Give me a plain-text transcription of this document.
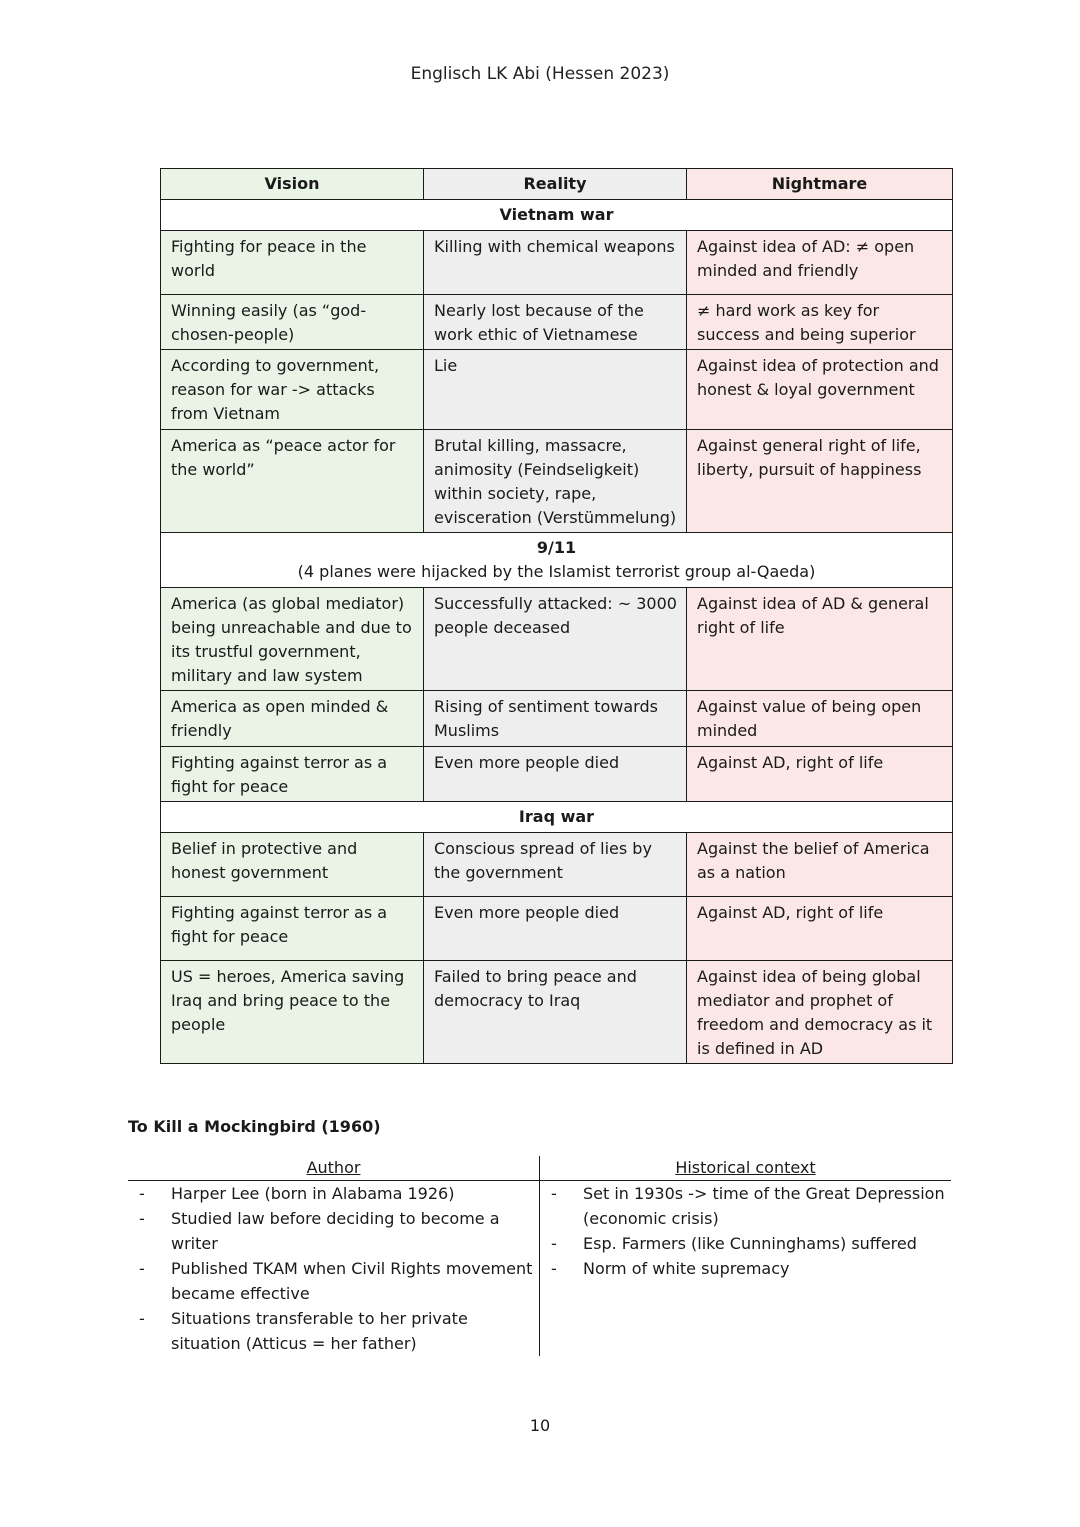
Englisch LK Abi (Hessen 2023)
Vision	Reality	Nightmare
Vietnam war		
Fighting for peace in the world	Killing with chemical weapons	Against idea of AD: ≠ open minded and friendly
Winning easily (as “god-chosen-people)	Nearly lost because of the work ethic of Vietnamese	≠ hard work as key for success and being superior
According to government, reason for war -> attacks from Vietnam	Lie	Against idea of protection and honest & loyal government
America as “peace actor for the world”	Brutal killing, massacre, animosity (Feindseligkeit) within society, rape, evisceration (Verstümmelung)	Against general right of life, liberty, pursuit of happiness

9/11
(4 planes were hijacked by the Islamist terrorist group al-Qaeda)		
America (as global mediator) being unreachable and due to its trustful government, military and law system	Successfully attacked: ~ 3000 people deceased	Against idea of AD & general right of life
America as open minded & friendly	Rising of sentiment towards Muslims	Against value of being open minded
Fighting against terror as a fight for peace	Even more people died	Against AD, right of life
Iraq war		
Belief in protective and honest government	Conscious spread of lies by the government	Against the belief of America as a nation
Fighting against terror as a fight for peace	Even more people died	Against AD, right of life
US = heroes, America saving Iraq and bring peace to the people	Failed to bring peace and democracy to Iraq	Against idea of being global mediator and prophet of freedom and democracy as it is defined in AD
To Kill a Mockingbird (1960)
Author
- Harper Lee (born in Alabama 1926)
- Studied law before deciding to become a writer
- Published TKAM when Civil Rights movement became effective
- Situations transferable to her private situation (Atticus = her father)
Historical context
- Set in 1930s -> time of the Great Depression (economic crisis)
- Esp. Farmers (like Cunninghams) suffered
- Norm of white supremacy
10
